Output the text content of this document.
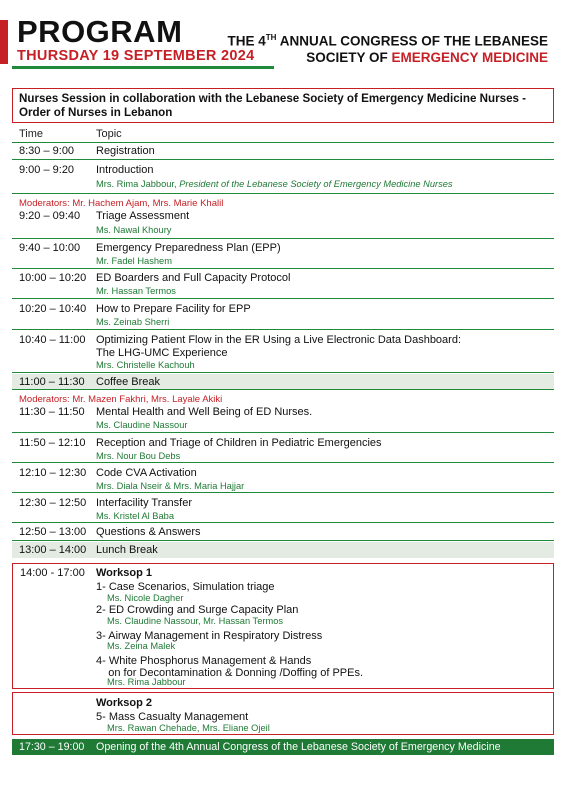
PROGRAM
THURSDAY 19 SEPTEMBER 2024
THE 4TH ANNUAL CONGRESS OF THE LEBANESE
SOCIETY OF EMERGENCY MEDICINE
Nurses Session in collaboration with the Lebanese Society of Emergency Medicine Nurses - Order of Nurses in Lebanon
Time	Topic
8:30 – 9:00 Registration
9:00 – 9:20 Introduction
Mrs. Rima Jabbour, President of the Lebanese Society of Emergency Medicine Nurses
Moderators: Mr. Hachem Ajam, Mrs. Marie Khalil
9:20 – 09:40 Triage Assessment
Ms. Nawal Khoury
9:40 – 10:00 Emergency Preparedness Plan (EPP)
Mr. Fadel Hashem
10:00 – 10:20 ED Boarders and Full Capacity Protocol
Mr. Hassan Termos
10:20 – 10:40 How to Prepare Facility for EPP
Ms. Zeinab Sherri
10:40 – 11:00 Optimizing Patient Flow in the ER Using a Live Electronic Data Dashboard:
The LHG-UMC Experience
Mrs. Christelle Kachouh
11:00 – 11:30 Coffee Break
Moderators: Mr. Mazen Fakhri, Mrs. Layale Akiki
11:30 – 11:50 Mental Health and Well Being of ED Nurses.
Ms. Claudine Nassour
11:50 – 12:10 Reception and Triage of Children in Pediatric Emergencies
Mrs. Nour Bou Debs
12:10 – 12:30 Code CVA Activation
Mrs. Diala Nseir & Mrs. Maria Hajjar
12:30 – 12:50 Interfacility Transfer
Ms. Kristel Al Baba
12:50 – 13:00 Questions & Answers
13:00 – 14:00 Lunch Break
14:00 - 17:00 Worksop 1
1- Case Scenarios, Simulation triage
Ms. Nicole Dagher
2- ED Crowding and Surge Capacity Plan
Ms. Claudine Nassour, Mr. Hassan Termos
3- Airway Management in Respiratory Distress
Ms. Zeina Malek
4- White Phosphorus Management & Hands
on for Decontamination & Donning /Doffing of PPEs.
Mrs. Rima Jabbour
Worksop 2
5- Mass Casualty Management
Mrs. Rawan Chehade, Mrs. Eliane Ojeil
17:30 – 19:00 Opening of the 4th Annual Congress of the Lebanese Society of Emergency Medicine
